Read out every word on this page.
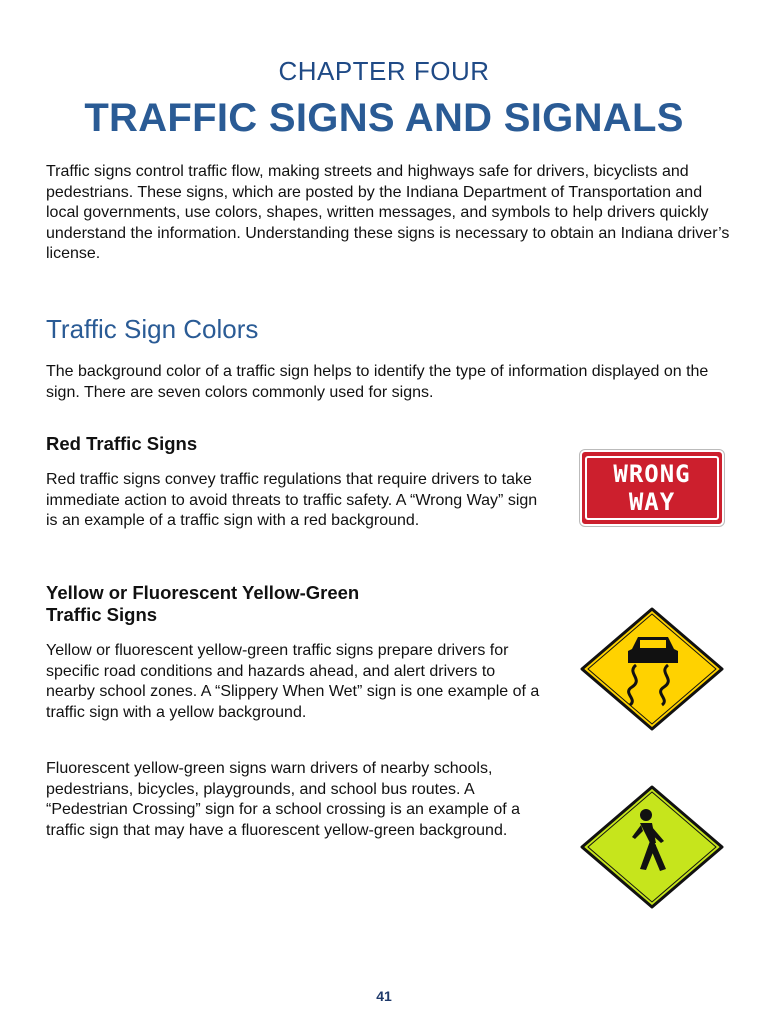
CHAPTER FOUR
TRAFFIC SIGNS AND SIGNALS

Traffic signs control traffic flow, making streets and highways safe for drivers, bicyclists and pedestrians. These signs, which are posted by the Indiana Department of Transportation and local governments, use colors, shapes, written messages, and symbols to help drivers quickly understand the information. Understanding these signs is necessary to obtain an Indiana driver’s license.

Traffic Sign Colors

The background color of a traffic sign helps to identify the type of information displayed on the sign. There are seven colors commonly used for signs.

Red Traffic Signs

Red traffic signs convey traffic regulations that require drivers to take immediate action to avoid threats to traffic safety. A “Wrong Way” sign is an example of a traffic sign with a red background.

WRONG
WAY
Yellow or Fluorescent Yellow-Green
Traffic Signs

Yellow or fluorescent yellow-green traffic signs prepare drivers for specific road conditions and hazards ahead, and alert drivers to nearby school zones. A “Slippery When Wet” sign is one example of a traffic sign with a yellow background.

Fluorescent yellow-green signs warn drivers of nearby schools, pedestrians, bicycles, playgrounds, and school bus routes. A “Pedestrian Crossing” sign for a school crossing is an example of a traffic sign that may have a fluorescent yellow-green background.

41
